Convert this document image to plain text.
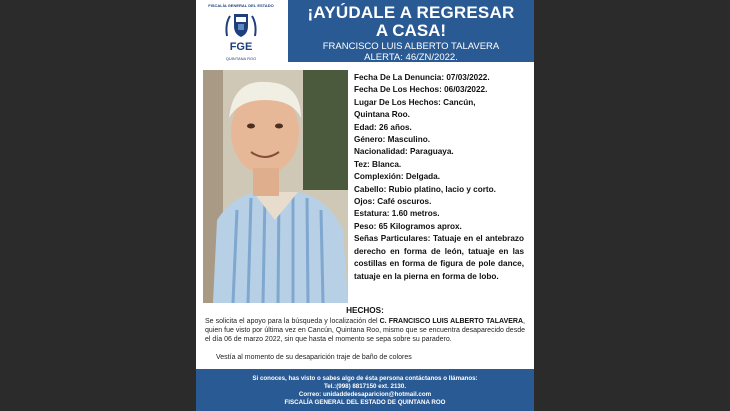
FISCALÍA GENERAL DEL ESTADO
FGE
QUINTANA ROO
¡AYÚDALE A REGRESAR
A CASA!
FRANCISCO LUIS ALBERTO TALAVERA
ALERTA: 46/ZN/2022.
Fecha De La Denuncia: 07/03/2022.
Fecha De Los Hechos: 06/03/2022.
Lugar De Los Hechos: Cancún,
Quintana Roo.
Edad: 26 años.
Género: Masculino.
Nacionalidad: Paraguaya.
Tez: Blanca.
Complexión: Delgada.
Cabello: Rubio platino, lacio y corto.
Ojos: Café oscuros.
Estatura: 1.60 metros.
Peso: 65 Kilogramos aprox.
Señas Particulares: Tatuaje en el antebrazo derecho en forma de león, tatuaje en las costillas en forma de figura de pole dance, tatuaje en la pierna en forma de lobo.
HECHOS:
Se solicita el apoyo para la búsqueda y localización del C. FRANCISCO LUIS ALBERTO TALAVERA, quien fue visto por última vez en Cancún, Quintana Roo, mismo que se encuentra desaparecido desde el día 06 de marzo 2022, sin que hasta el momento se sepa sobre su paradero.
Vestía al momento de su desaparición traje de baño de colores
Si conoces, has visto o sabes algo de ésta persona contáctanos o llámanos:
Tel.:(998) 8817150 ext. 2130.
Correo: unidaddedesaparicion@hotmail.com
FISCALÍA GENERAL DEL ESTADO DE QUINTANA ROO
